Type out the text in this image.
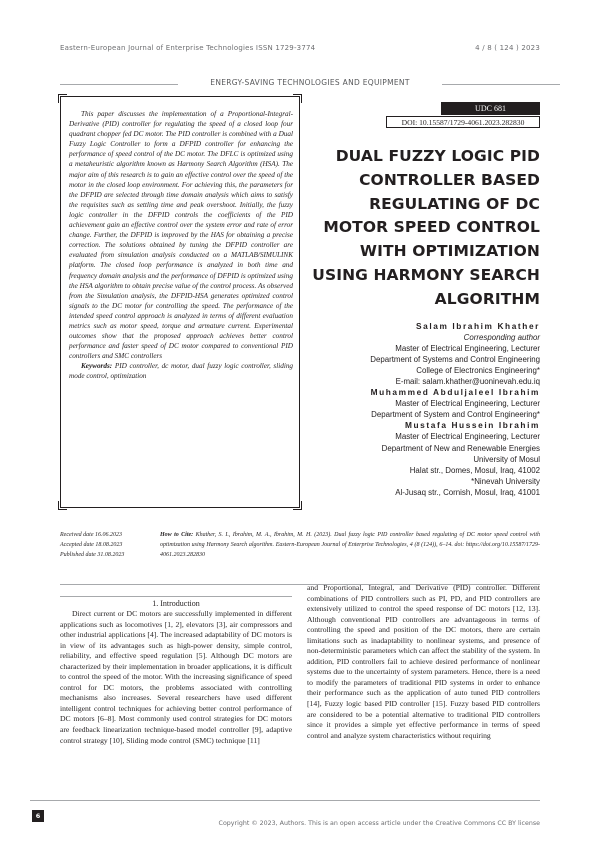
Eastern-European Journal of Enterprise Technologies ISSN 1729-3774	4 / 8 ( 124 ) 2023
ENERGY-SAVING TECHNOLOGIES AND EQUIPMENT
This paper discusses the implementation of a Proportional-Integral-Derivative (PID) controller for regulating the speed of a closed loop four quadrant chopper fed DC motor. The PID controller is combined with a Dual Fuzzy Logic Controller to form a DFPID controller for enhancing the performance of speed control of the DC motor. The DFLC is optimized using a metaheuristic algorithm known as Harmony Search Algorithm (HSA). The major aim of this research is to gain an effective control over the speed of the motor in the closed loop environment. For achieving this, the parameters for the DFPID are selected through time domain analysis which aims to satisfy the requisites such as settling time and peak overshoot. Initially, the fuzzy logic controller in the DFPID controls the coefficients of the PID achievement gain an effective control over the system error and rate of error change. Further, the DFPID is improved by the HAS for obtaining a precise correction. The solutions obtained by tuning the DFPID controller are evaluated from simulation analysis conducted on a MATLAB/SIMULINK platform. The closed loop performance is analyzed in both time and frequency domain analysis and the performance of DFPID is optimized using the HSA algorithm to obtain precise value of the control process. As observed from the Simulation analysis, the DFPID-HSA generates optimized control signals to the DC motor for controlling the speed. The performance of the intended speed control approach is analyzed in terms of different evaluation metrics such as motor speed, torque and armature current. Experimental outcomes show that the proposed approach achieves better control performance and faster speed of DC motor compared to conventional PID controllers and SMC controllers
Keywords: PID controller, dc motor, dual fuzzy logic controller, sliding mode control, optimization
UDC 681
DOI: 10.15587/1729-4061.2023.282830
DUAL FUZZY LOGIC PID CONTROLLER BASED REGULATING OF DC MOTOR SPEED CONTROL WITH OPTIMIZATION USING HARMONY SEARCH ALGORITHM
Salam Ibrahim Khather
Corresponding author
Master of Electrical Engineering, Lecturer
Department of Systems and Control Engineering
College of Electronics Engineering*
E-mail: salam.khather@uoninevah.edu.iq
Muhammed Abduljaleel Ibrahim
Master of Electrical Engineering, Lecturer
Department of System and Control Engineering*
Mustafa Hussein Ibrahim
Master of Electrical Engineering, Lecturer
Department of New and Renewable Energies
University of Mosul
Halat str., Domes, Mosul, Iraq, 41002
*Ninevah University
Al-Jusaq str., Cornish, Mosul, Iraq, 41001
Received date 16.06.2023
Accepted date 18.08.2023
Published date 31.08.2023
How to Cite: Khather, S. I., Ibrahim, M. A., Ibrahim, M. H. (2023). Dual fuzzy logic PID controller based regulating of DC motor speed control with optimization using Harmony Search algorithm. Eastern-European Journal of Enterprise Technologies, 4 (8 (124)), 6–14. doi: https://doi.org/10.15587/1729-4061.2023.282830
1. Introduction
Direct current or DC motors are successfully implemented in different applications such as locomotives [1, 2], elevators [3], air compressors and other industrial applications [4]. The increased adaptability of DC motors is in view of its advantages such as high-power density, simple control, reliability, and effective speed regulation [5]. Although DC motors are characterized by their implementation in broader applications, it is difficult to control the speed of the motor. With the increasing significance of speed control for DC motors, the problems associated with controlling mechanisms also increases. Several researchers have used different intelligent control techniques for achieving better control performance of DC motors [6–8]. Most commonly used control strategies for DC motors are feedback linearization technique-based model controller [9], adaptive control strategy [10], Sliding mode control (SMC) technique [11]
and Proportional, Integral, and Derivative (PID) controller. Different combinations of PID controllers such as PI, PD, and PID controllers are extensively utilized to control the speed response of DC motors [12, 13]. Although conventional PID controllers are advantageous in terms of controlling the speed and position of the DC motors, there are certain limitations such as inadaptability to nonlinear systems, and presence of non-deterministic parameters which can affect the stability of the system. In addition, PID controllers fail to achieve desired performance of nonlinear systems due to the uncertainty of system parameters. Hence, there is a need to modify the parameters of traditional PID systems in order to enhance their performance such as the application of auto tuned PID controllers [14], Fuzzy logic based PID controller [15]. Fuzzy based PID controllers are considered to be a potential alternative to traditional PID controllers since it provides a simple yet effective performance in terms of speed control and analyze system characteristics without requiring
6
Copyright © 2023, Authors. This is an open access article under the Creative Commons CC BY license
